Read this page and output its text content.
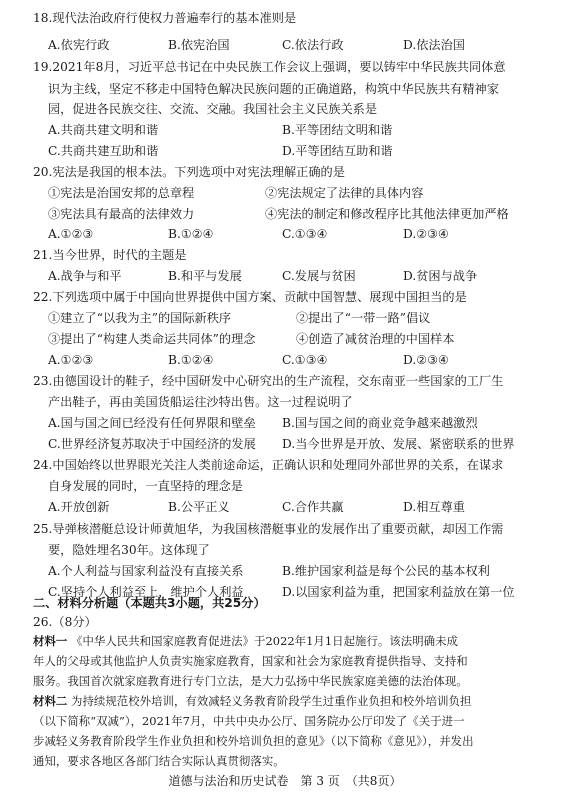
18.现代法治政府行使权力普遍奉行的基本准则是
A.依宪行政	B.依宪治国	C.依法行政	D.依法治国
19.2021年8月，习近平总书记在中央民族工作会议上强调，要以铸牢中华民族共同体意
识为主线，坚定不移走中国特色解决民族问题的正确道路，构筑中华民族共有精神家
园，促进各民族交往、交流、交融。我国社会主义民族关系是
A.共商共建文明和谐	B.平等团结文明和谐
C.共商共建互助和谐	D.平等团结互助和谐
20.宪法是我国的根本法。下列选项中对宪法理解正确的是
①宪法是治国安邦的总章程	②宪法规定了法律的具体内容
③宪法具有最高的法律效力	④宪法的制定和修改程序比其他法律更加严格
A.①②③	B.①②④	C.①③④	D.②③④
21.当今世界，时代的主题是
A.战争与和平	B.和平与发展	C.发展与贫困	D.贫困与战争
22.下列选项中属于中国向世界提供中国方案、贡献中国智慧、展现中国担当的是
①建立了“以我为主”的国际新秩序	②提出了“一带一路”倡议
③提出了“构建人类命运共同体”的理念	④创造了减贫治理的中国样本
A.①②③	B.①②④	C.①③④	D.②③④
23.由德国设计的鞋子，经中国研发中心研究出的生产流程，交东南亚一些国家的工厂生
产出鞋子，再由美国货船运往沙特出售。这一过程说明了
A.国与国之间已经没有任何界限和壁垒 B.国与国之间的商业竞争越来越激烈
C.世界经济复苏取决于中国经济的发展 D.当今世界是开放、发展、紧密联系的世界
24.中国始终以世界眼光关注人类前途命运，正确认识和处理同外部世界的关系，在谋求
自身发展的同时，一直坚持的理念是
A.开放创新	B.公平正义	C.合作共赢	D.相互尊重
25.导弹核潜艇总设计师黄旭华，为我国核潜艇事业的发展作出了重要贡献，却因工作需
要，隐姓埋名30年。这体现了
A.个人利益与国家利益没有直接关系	B.维护国家利益是每个公民的基本权利
C.坚持个人利益至上，维护个人利益	D.以国家利益为重，把国家利益放在第一位
二、材料分析题（本题共3小题，共25分）
26.（8分）
材料一 《中华人民共和国家庭教育促进法》于2022年1月1日起施行。该法明确未成
年人的父母或其他监护人负责实施家庭教育，国家和社会为家庭教育提供指导、支持和
服务。我国首次就家庭教育进行专门立法，是大力弘扬中华民族家庭美德的法治体现。
材料二 为持续规范校外培训，有效减轻义务教育阶段学生过重作业负担和校外培训负担
（以下简称“双减”），2021年7月，中共中央办公厅、国务院办公厅印发了《关于进一
步减轻义务教育阶段学生作业负担和校外培训负担的意见》（以下简称《意见》），并发出
道德与法治和历史试卷　第 3 页　（共8页）
通知，要求各地区各部门结合实际认真贯彻落实。
